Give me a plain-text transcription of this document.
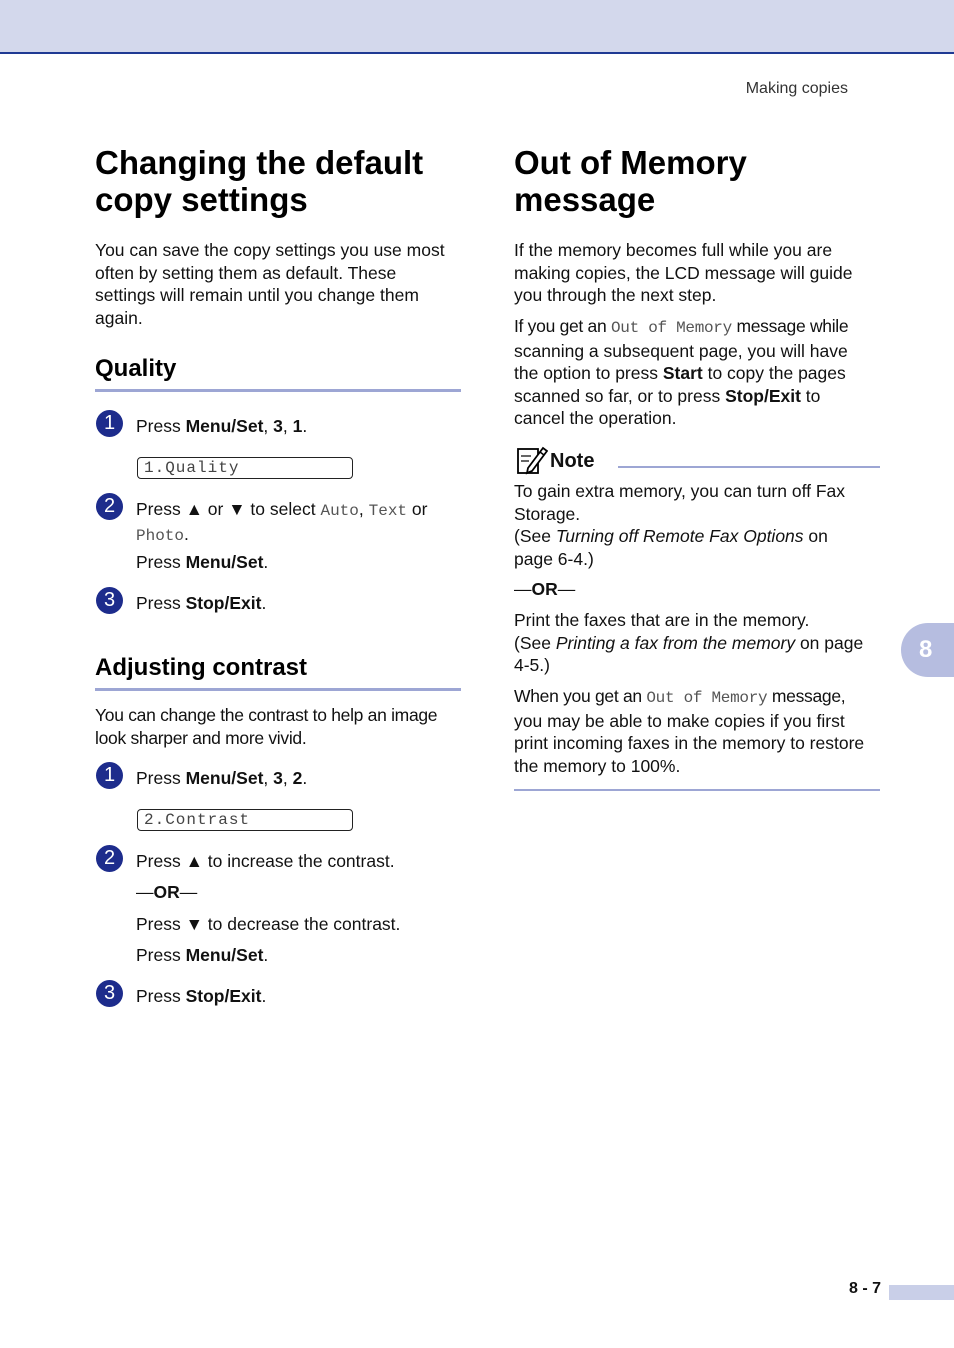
Making copies
Changing the default
copy settings
You can save the copy settings you use most
often by setting them as default. These
settings will remain until you change them
again.
Quality
1	Press Menu/Set, 3, 1.
1.Quality
2	Press ▲ or ▼ to select Auto, Text or
Photo.
Press Menu/Set.
3	Press Stop/Exit.
Adjusting contrast
You can change the contrast to help an image
look sharper and more vivid.
1	Press Menu/Set, 3, 2.
2.Contrast
2	Press ▲ to increase the contrast.
—OR—
Press ▼ to decrease the contrast.
Press Menu/Set.
3	Press Stop/Exit.
Out of Memory
message
If the memory becomes full while you are
making copies, the LCD message will guide
you through the next step.
If you get an Out of Memory message while
scanning a subsequent page, you will have
the option to press Start to copy the pages
scanned so far, or to press Stop/Exit to
cancel the operation.
Note
To gain extra memory, you can turn off Fax
Storage.
(See Turning off Remote Fax Options on
page 6-4.)
—OR—
Print the faxes that are in the memory.
(See Printing a fax from the memory on page
4-5.)
When you get an Out of Memory message,
you may be able to make copies if you first
print incoming faxes in the memory to restore
the memory to 100%.
8
8 - 7
